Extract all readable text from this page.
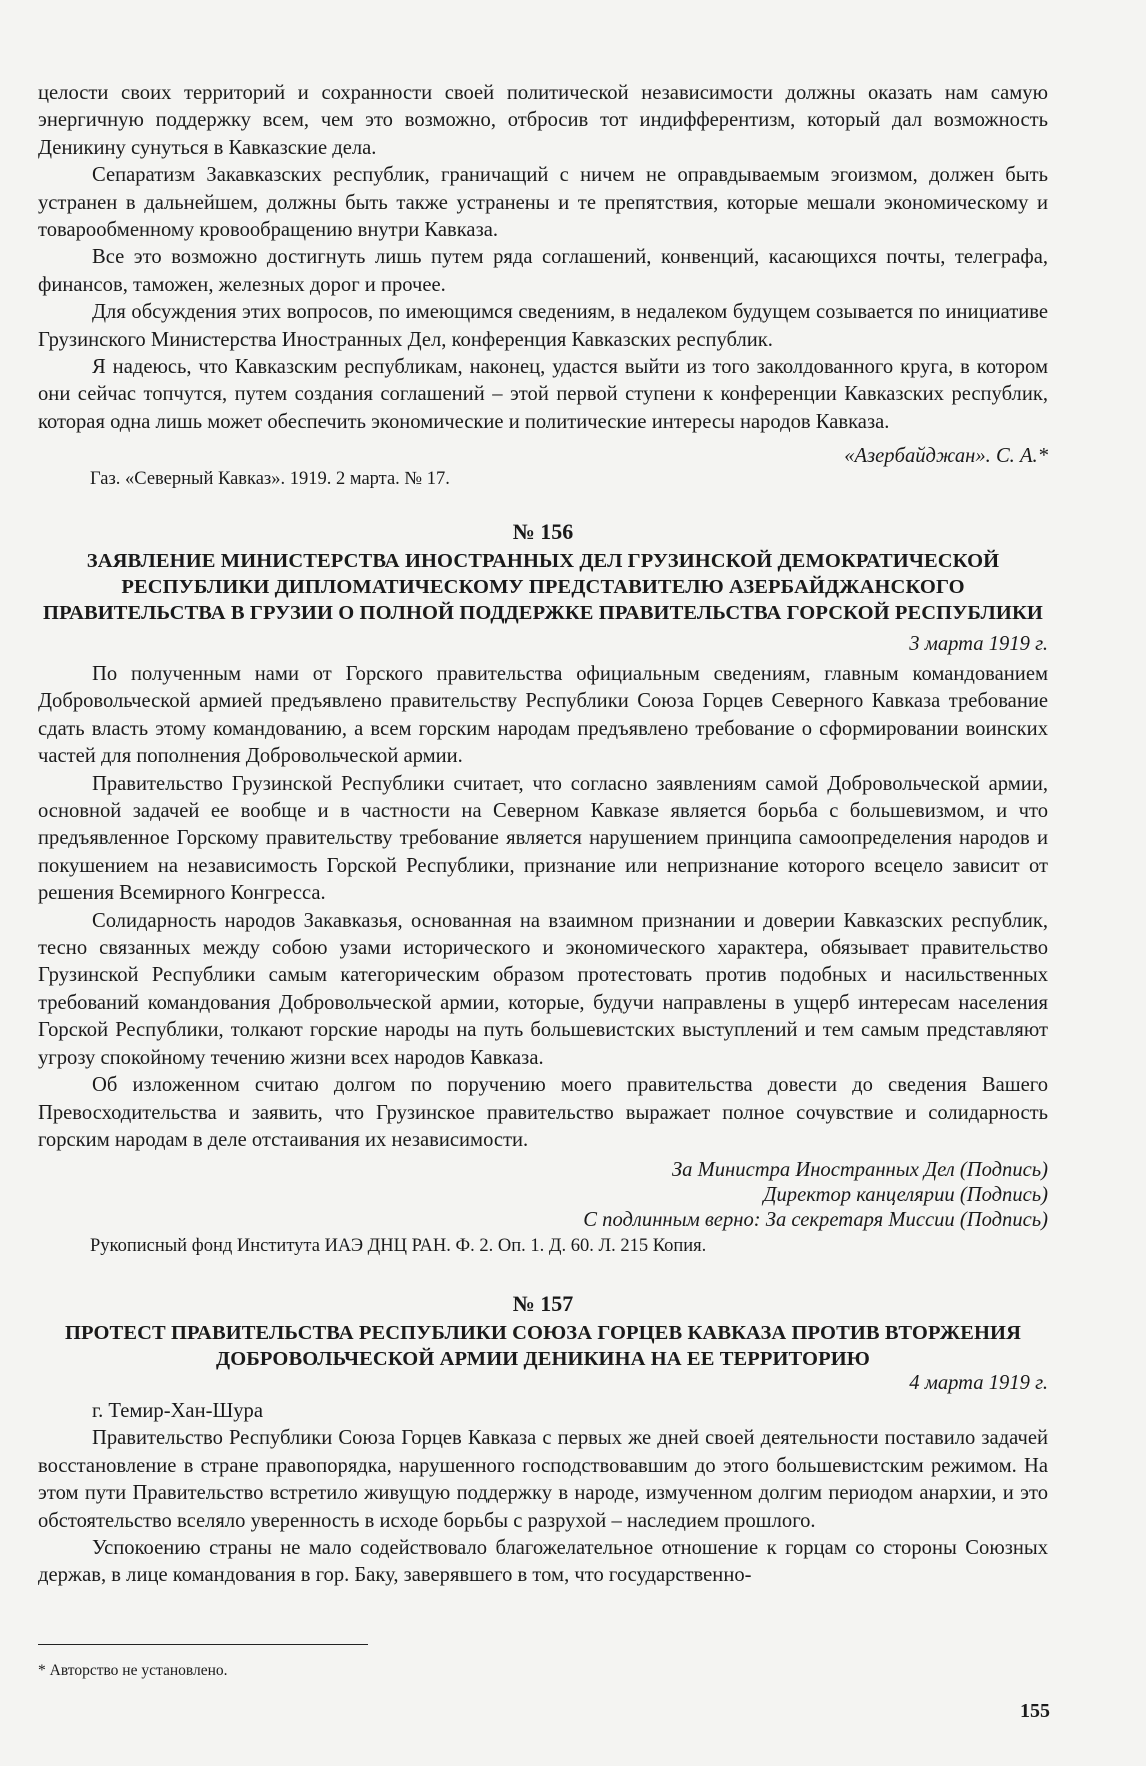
целости своих территорий и сохранности своей политической независимости должны оказать нам самую энергичную поддержку всем, чем это возможно, отбросив тот индифферентизм, который дал возможность Деникину сунуться в Кавказские дела.

Сепаратизм Закавказских республик, граничащий с ничем не оправдываемым эгоизмом, должен быть устранен в дальнейшем, должны быть также устранены и те препятствия, которые мешали экономическому и товарообменному кровообращению внутри Кавказа.

Все это возможно достигнуть лишь путем ряда соглашений, конвенций, касающихся почты, телеграфа, финансов, таможен, железных дорог и прочее.

Для обсуждения этих вопросов, по имеющимся сведениям, в недалеком будущем созывается по инициативе Грузинского Министерства Иностранных Дел, конференция Кавказских республик.

Я надеюсь, что Кавказским республикам, наконец, удастся выйти из того заколдованного круга, в котором они сейчас топчутся, путем создания соглашений – этой первой ступени к конференции Кавказских республик, которая одна лишь может обеспечить экономические и политические интересы народов Кавказа.

«Азербайджан». С. А.*
Газ. «Северный Кавказ». 1919. 2 марта. № 17.
№ 156
ЗАЯВЛЕНИЕ МИНИСТЕРСТВА ИНОСТРАННЫХ ДЕЛ ГРУЗИНСКОЙ ДЕМОКРАТИЧЕСКОЙ РЕСПУБЛИКИ ДИПЛОМАТИЧЕСКОМУ ПРЕДСТАВИТЕЛЮ АЗЕРБАЙДЖАНСКОГО ПРАВИТЕЛЬСТВА В ГРУЗИИ О ПОЛНОЙ ПОДДЕРЖКЕ ПРАВИТЕЛЬСТВА ГОРСКОЙ РЕСПУБЛИКИ
3 марта 1919 г.

По полученным нами от Горского правительства официальным сведениям, главным командованием Добровольческой армией предъявлено правительству Республики Союза Горцев Северного Кавказа требование сдать власть этому командованию, а всем горским народам предъявлено требование о сформировании воинских частей для пополнения Добровольческой армии.

Правительство Грузинской Республики считает, что согласно заявлениям самой Добровольческой армии, основной задачей ее вообще и в частности на Северном Кавказе является борьба с большевизмом, и что предъявленное Горскому правительству требование является нарушением принципа самоопределения народов и покушением на независимость Горской Республики, признание или непризнание которого всецело зависит от решения Всемирного Конгресса.

Солидарность народов Закавказья, основанная на взаимном признании и доверии Кавказских республик, тесно связанных между собою узами исторического и экономического характера, обязывает правительство Грузинской Республики самым категорическим образом протестовать против подобных и насильственных требований командования Добровольческой армии, которые, будучи направлены в ущерб интересам населения Горской Республики, толкают горские народы на путь большевистских выступлений и тем самым представляют угрозу спокойному течению жизни всех народов Кавказа.

Об изложенном считаю долгом по поручению моего правительства довести до сведения Вашего Превосходительства и заявить, что Грузинское правительство выражает полное сочувствие и солидарность горским народам в деле отстаивания их независимости.

За Министра Иностранных Дел (Подпись)
Директор канцелярии (Подпись)
С подлинным верно: За секретаря Миссии (Подпись)
Рукописный фонд Института ИАЭ ДНЦ РАН. Ф. 2. Оп. 1. Д. 60. Л. 215 Копия.
№ 157
ПРОТЕСТ ПРАВИТЕЛЬСТВА РЕСПУБЛИКИ СОЮЗА ГОРЦЕВ КАВКАЗА ПРОТИВ ВТОРЖЕНИЯ ДОБРОВОЛЬЧЕСКОЙ АРМИИ ДЕНИКИНА НА ЕЕ ТЕРРИТОРИЮ
4 марта 1919 г.

г. Темир-Хан-Шура

Правительство Республики Союза Горцев Кавказа с первых же дней своей деятельности поставило задачей восстановление в стране правопорядка, нарушенного господствовавшим до этого большевистским режимом. На этом пути Правительство встретило живущую поддержку в народе, измученном долгим периодом анархии, и это обстоятельство вселяло уверенность в исходе борьбы с разрухой – наследием прошлого.

Успокоению страны не мало содействовало благожелательное отношение к горцам со стороны Союзных держав, в лице командования в гор. Баку, заверявшего в том, что государственно-

* Авторство не установлено.
155
